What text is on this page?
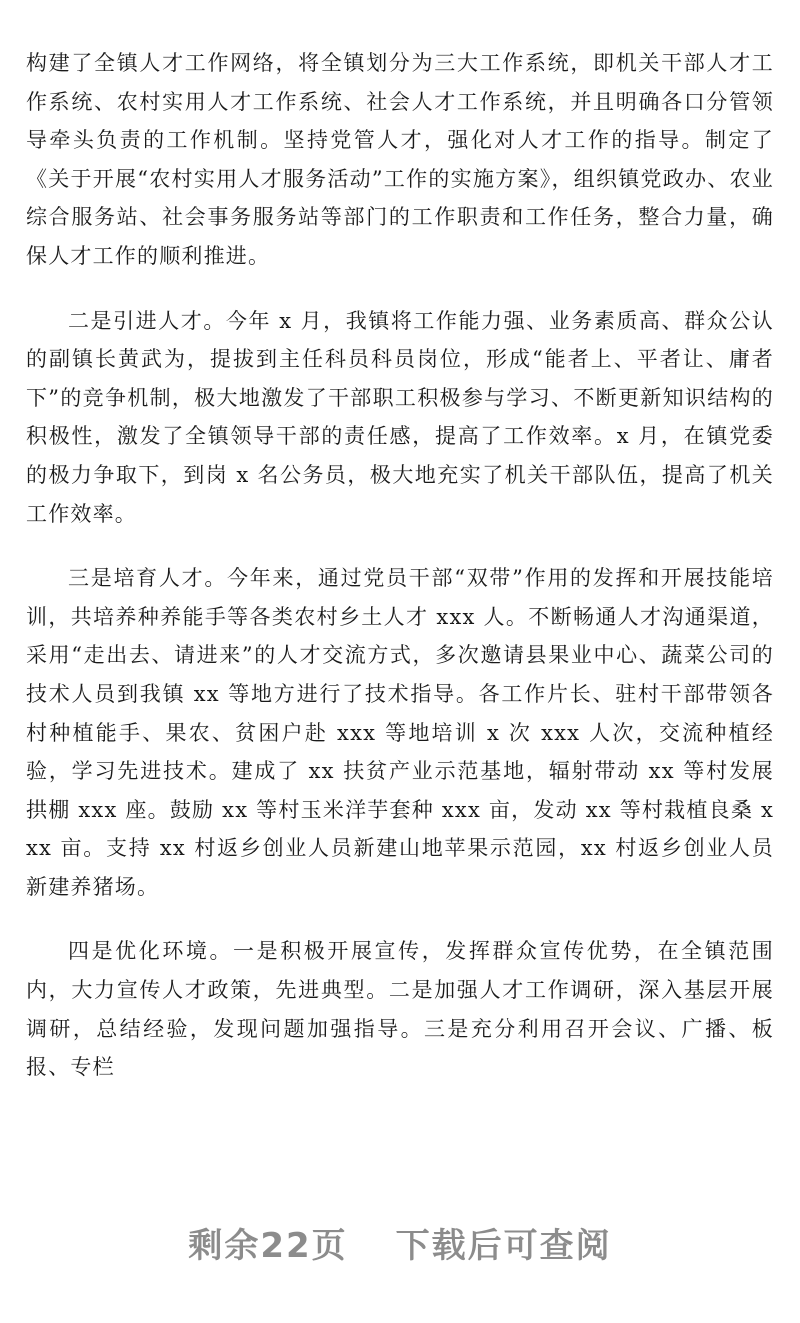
构建了全镇人才工作网络，将全镇划分为三大工作系统，即机关干部人才工作系统、农村实用人才工作系统、社会人才工作系统，并且明确各口分管领导牵头负责的工作机制。坚持党管人才，强化对人才工作的指导。制定了《关于开展“农村实用人才服务活动”工作的实施方案》，组织镇党政办、农业综合服务站、社会事务服务站等部门的工作职责和工作任务，整合力量，确保人才工作的顺利推进。

二是引进人才。今年 x 月，我镇将工作能力强、业务素质高、群众公认的副镇长黄武为，提拔到主任科员科员岗位，形成“能者上、平者让、庸者下”的竞争机制，极大地激发了干部职工积极参与学习、不断更新知识结构的积极性，激发了全镇领导干部的责任感，提高了工作效率。x 月，在镇党委的极力争取下，到岗 x 名公务员，极大地充实了机关干部队伍，提高了机关工作效率。

三是培育人才。今年来，通过党员干部“双带”作用的发挥和开展技能培训，共培养种养能手等各类农村乡土人才 xxx 人。不断畅通人才沟通渠道，采用“走出去、请进来”的人才交流方式，多次邀请县果业中心、蔬菜公司的技术人员到我镇 xx 等地方进行了技术指导。各工作片长、驻村干部带领各村种植能手、果农、贫困户赴 xxx 等地培训 x 次 xxx 人次，交流种植经验，学习先进技术。建成了 xx 扶贫产业示范基地，辐射带动 xx 等村发展拱棚 xxx 座。鼓励 xx 等村玉米洋芋套种 xxx 亩，发动 xx 等村栽植良桑 xxx 亩。支持 xx 村返乡创业人员新建山地苹果示范园，xx 村返乡创业人员新建养猪场。

四是优化环境。一是积极开展宣传，发挥群众宣传优势，在全镇范围内，大力宣传人才政策，先进典型。二是加强人才工作调研，深入基层开展调研，总结经验，发现问题加强指导。三是充分利用召开会议、广播、板报、专栏

剩余22页 下载后可查阅
